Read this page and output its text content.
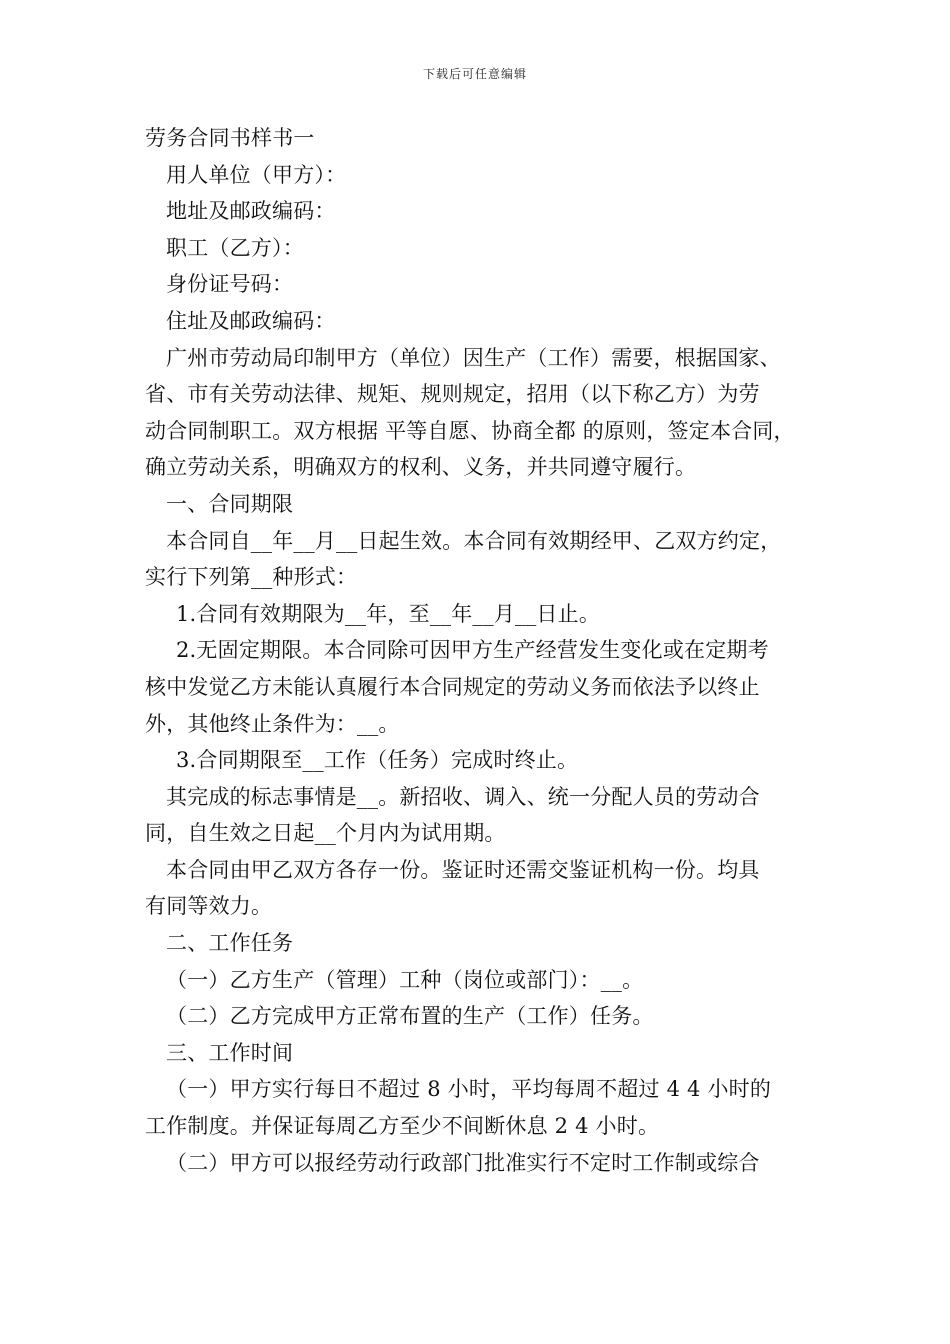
下载后可任意编辑
劳务合同书样书一
用人单位（甲方）：
地址及邮政编码：
职工（乙方）：
身份证号码：
住址及邮政编码：
广州市劳动局印制甲方（单位）因生产（工作）需要，根据国家、
省、市有关劳动法律、规矩、规则规定，招用（以下称乙方）为劳
动合同制职工。双方根据 平等自愿、协商全都 的原则，签定本合同，
确立劳动关系，明确双方的权利、义务，并共同遵守履行。
一、合同期限
本合同自__年__月__日起生效。本合同有效期经甲、乙双方约定，
实行下列第__种形式：
1.合同有效期限为__年，至__年__月__日止。
2.无固定期限。本合同除可因甲方生产经营发生变化或在定期考
核中发觉乙方未能认真履行本合同规定的劳动义务而依法予以终止
外，其他终止条件为：__。
3.合同期限至__工作（任务）完成时终止。
其完成的标志事情是__。新招收、调入、统一分配人员的劳动合
同，自生效之日起__个月内为试用期。
本合同由甲乙双方各存一份。鉴证时还需交鉴证机构一份。均具
有同等效力。
二、工作任务
（一）乙方生产（管理）工种（岗位或部门）：__。
（二）乙方完成甲方正常布置的生产（工作）任务。
三、工作时间
（一）甲方实行每日不超过 8 小时，平均每周不超过 4 4 小时的
工作制度。并保证每周乙方至少不间断休息 2 4 小时。
（二）甲方可以报经劳动行政部门批准实行不定时工作制或综合
